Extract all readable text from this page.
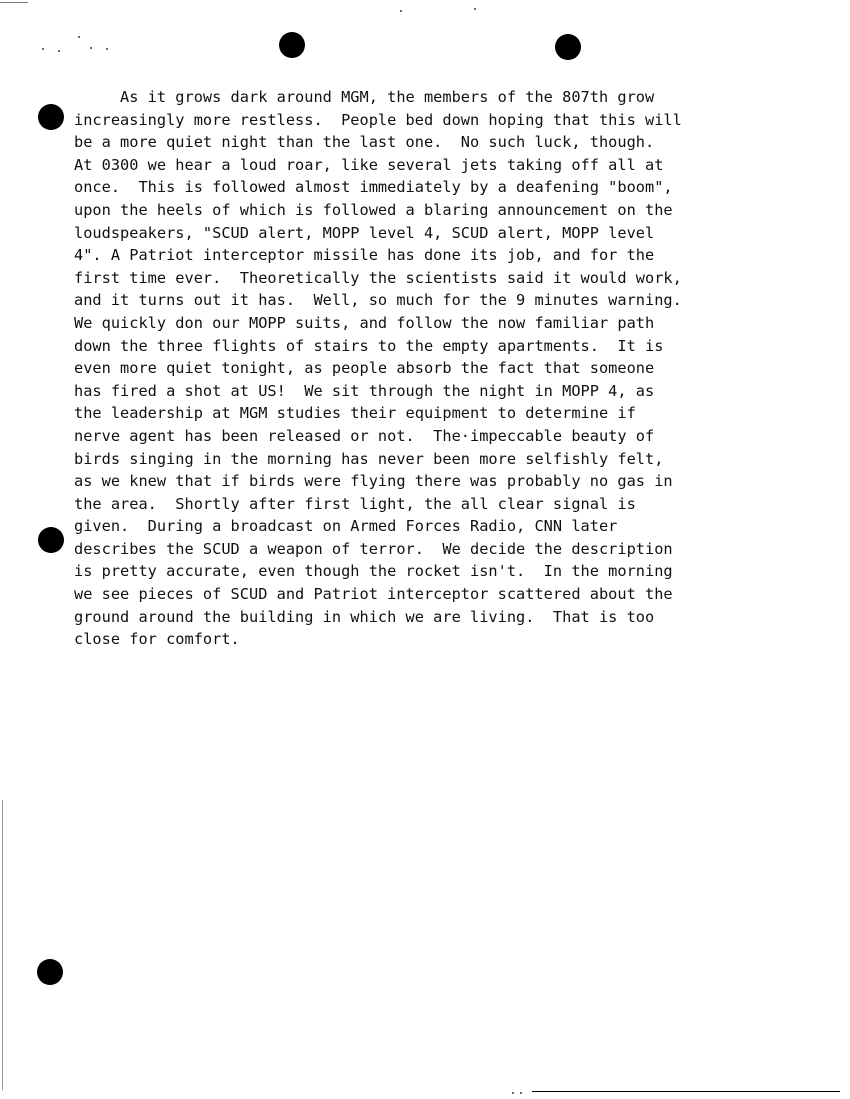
As it grows dark around MGM, the members of the 807th grow
increasingly more restless.  People bed down hoping that this will
be a more quiet night than the last one.  No such luck, though.
At 0300 we hear a loud roar, like several jets taking off all at
once.  This is followed almost immediately by a deafening "boom",
upon the heels of which is followed a blaring announcement on the
loudspeakers, "SCUD alert, MOPP level 4, SCUD alert, MOPP level
4". A Patriot interceptor missile has done its job, and for the
first time ever.  Theoretically the scientists said it would work,
and it turns out it has.  Well, so much for the 9 minutes warning.
We quickly don our MOPP suits, and follow the now familiar path
down the three flights of stairs to the empty apartments.  It is
even more quiet tonight, as people absorb the fact that someone
has fired a shot at US!  We sit through the night in MOPP 4, as
the leadership at MGM studies their equipment to determine if
nerve agent has been released or not.  The·impeccable beauty of
birds singing in the morning has never been more selfishly felt,
as we knew that if birds were flying there was probably no gas in
the area.  Shortly after first light, the all clear signal is
given.  During a broadcast on Armed Forces Radio, CNN later
describes the SCUD a weapon of terror.  We decide the description
is pretty accurate, even though the rocket isn't.  In the morning
we see pieces of SCUD and Patriot interceptor scattered about the
ground around the building in which we are living.  That is too
close for comfort.
